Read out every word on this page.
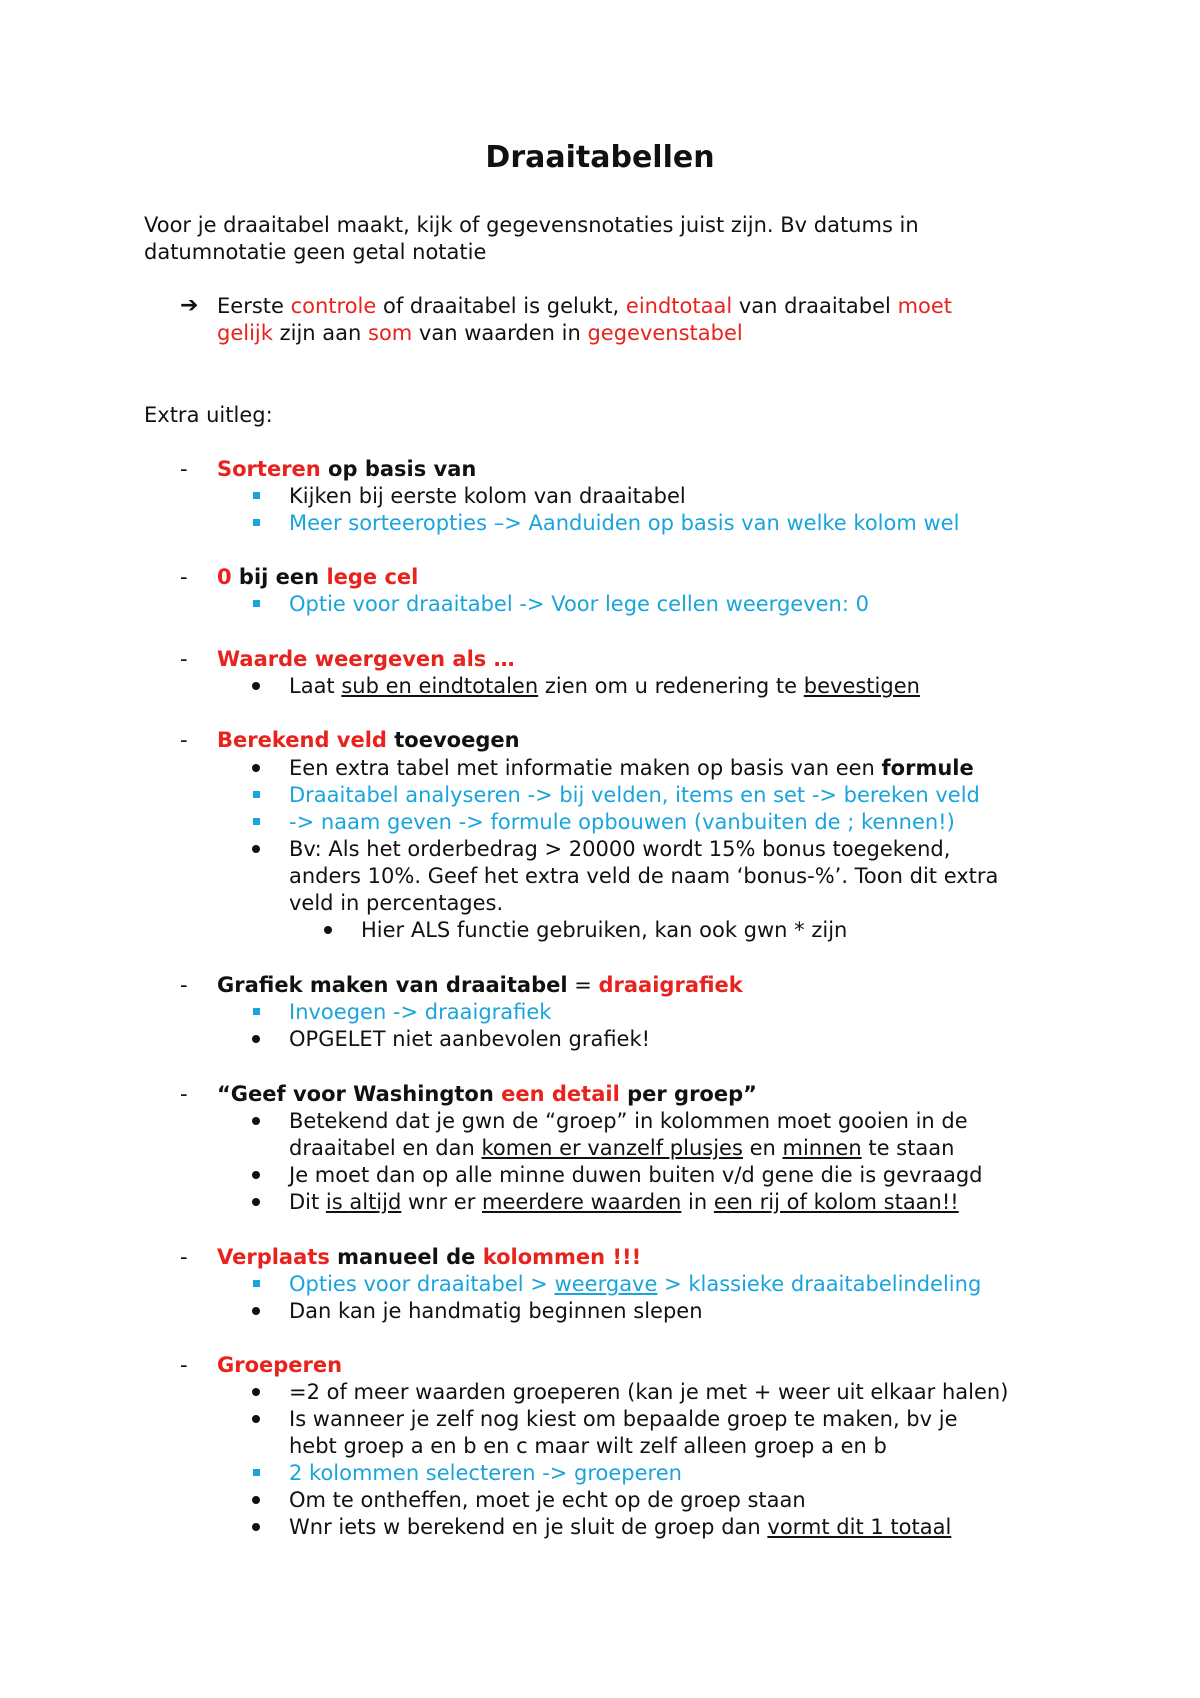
Draaitabellen
Voor je draaitabel maakt, kijk of gegevensnotaties juist zijn. Bv datums in
datumnotatie geen getal notatie
➔ Eerste controle of draaitabel is gelukt, eindtotaal van draaitabel moet
gelijk zijn aan som van waarden in gegevenstabel
Extra uitleg:
- Sorteren op basis van
Kijken bij eerste kolom van draaitabel
Meer sorteeropties –> Aanduiden op basis van welke kolom wel
- 0 bij een lege cel
Optie voor draaitabel -> Voor lege cellen weergeven: 0
- Waarde weergeven als …
Laat sub en eindtotalen zien om u redenering te bevestigen
- Berekend veld toevoegen
Een extra tabel met informatie maken op basis van een formule
Draaitabel analyseren -> bij velden, items en set -> bereken veld
-> naam geven -> formule opbouwen (vanbuiten de ; kennen!)
Bv: Als het orderbedrag > 20000 wordt 15% bonus toegekend,
anders 10%. Geef het extra veld de naam ‘bonus-%’. Toon dit extra
veld in percentages.
Hier ALS functie gebruiken, kan ook gwn * zijn
- Grafiek maken van draaitabel = draaigrafiek
Invoegen -> draaigrafiek
OPGELET niet aanbevolen grafiek!
- “Geef voor Washington een detail per groep”
Betekend dat je gwn de “groep” in kolommen moet gooien in de
draaitabel en dan komen er vanzelf plusjes en minnen te staan
Je moet dan op alle minne duwen buiten v/d gene die is gevraagd
Dit is altijd wnr er meerdere waarden in een rij of kolom staan!!
- Verplaats manueel de kolommen !!!
Opties voor draaitabel > weergave > klassieke draaitabelindeling
Dan kan je handmatig beginnen slepen
- Groeperen
=2 of meer waarden groeperen (kan je met + weer uit elkaar halen)
Is wanneer je zelf nog kiest om bepaalde groep te maken, bv je
hebt groep a en b en c maar wilt zelf alleen groep a en b
2 kolommen selecteren -> groeperen
Om te ontheffen, moet je echt op de groep staan
Wnr iets w berekend en je sluit de groep dan vormt dit 1 totaal
